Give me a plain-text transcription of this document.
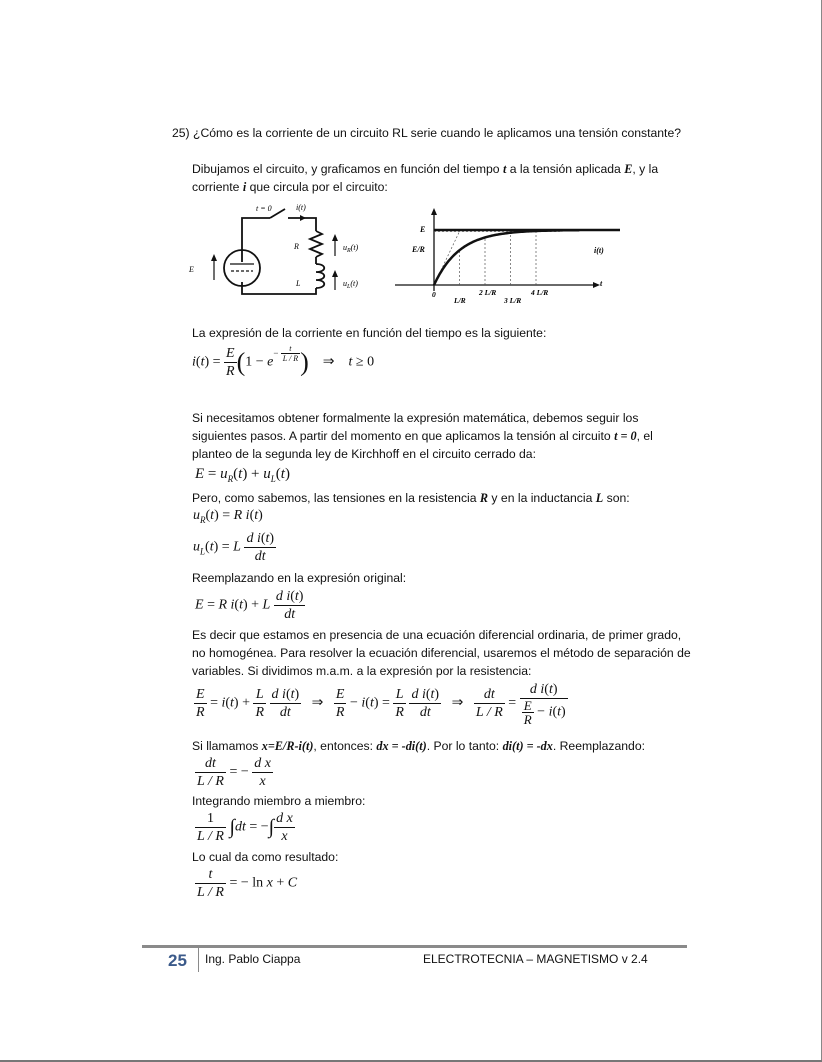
25) ¿Cómo es la corriente de un circuito RL serie cuando le aplicamos una tensión constante?
Dibujamos el circuito, y graficamos en función del tiempo t a la tensión aplicada E, y la
corriente i que circula por el circuito:
t = 0	i(t)
E
R
L
$u_R(t)$
$u_L(t)$
E
E/R	i(t)
t
0
L/R
2 L/R
3 L/R
4 L/R
La expresión de la corriente en función del tiempo es la siguiente:
$i(t) = \frac{E}{R} (1 - e^{- \frac{t}{L / R}}$ )    ⇒    t ≥ 0
Si necesitamos obtener formalmente la expresión matemática, debemos seguir los
siguientes pasos. A partir del momento en que aplicamos la tensión al circuito t = 0, el
planteo de la segunda ley de Kirchhoff en el circuito cerrado da:
$E = u_R(t) + u_L(t)$
Pero, como sabemos, las tensiones en la resistencia R y en la inductancia L son:
$u_R(t) = R$ i(t)
$u_L(t) = L \frac{\text{d i(t)}}{dt}$
Reemplazando en la expresión original:
E = R i(t) + L $\frac{\text{d i(t)}}{dt}$
Es decir que estamos en presencia de una ecuación diferencial ordinaria, de primer grado,
no homogénea. Para resolver la ecuación diferencial, usaremos el método de separación de
variables. Si dividimos m.a.m. a la expresión por la resistencia:
$\frac{E}{R} = i(t) + \frac{L}{R}$
$\frac{\text{d i(t)}}{dt}$ ⇒ $\frac{E}{R} - i(t) = \frac{L}{R}$
$\frac{\text{d i(t)}}{dt}$ ⇒ $\frac{dt}{L / R} = \frac{\text{d i(t)}}{\frac{E}{R} - i(t)}$
Si llamamos x=E/R-i(t), entonces: dx = -di(t). Por lo tanto: di(t) = -dx. Reemplazando:
$\frac{dt}{L / R}$ = − $\frac{\text{d x}}{x}$
Integrando miembro a miembro:
$\frac{1}{L / R} \int dt$ = −∫ $\frac{\text{d x}}{x}$
Lo cual da como resultado:
$\frac{t}{L / R}$ = − ln x + C
25 Ing. Pablo Ciappa	ELECTROTECNIA – MAGNETISMO v 2.4
